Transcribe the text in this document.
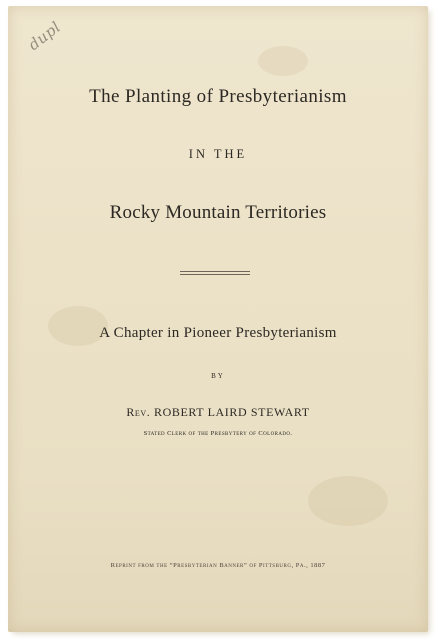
dupl
The Planting of Presbyterianism
IN THE
Rocky Mountain Territories
A Chapter in Pioneer Presbyterianism
BY
Rev. ROBERT LAIRD STEWART
Stated Clerk of the Presbytery of Colorado.
Reprint from the “Presbyterian Banner” of Pittsburg, Pa., 1887
